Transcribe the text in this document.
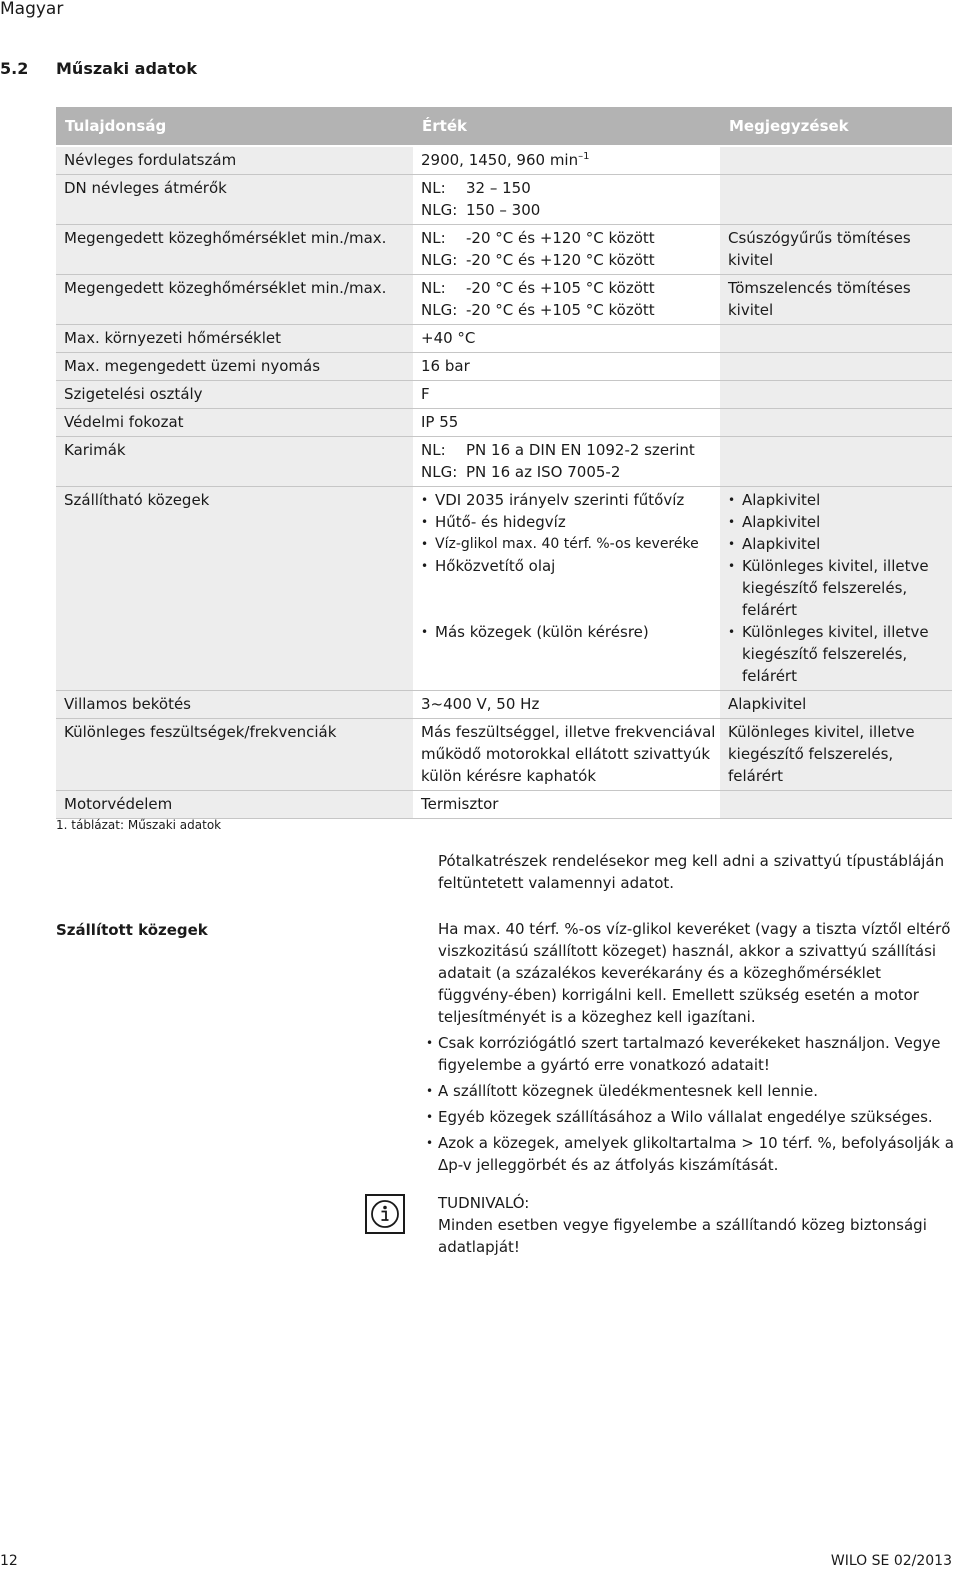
Magyar
5.2 Műszaki adatok
Tulajdonság	Érték	Megjegyzések
Névleges fordulatszám	2900, 1450, 960 $\min^{-1}$
DN névleges átmérők	NL: 32 – 150
NLG: 150 – 300
Megengedett közeghőmérséklet min./max.	NL: -20 °C és +120 °C között
NLG: -20 °C és +120 °C között
Csúszógyűrűs tömítéses kivitel
Megengedett közeghőmérséklet min./max.	NL: -20 °C és +105 °C között
NLG: -20 °C és +105 °C között
Tömszelencés tömítéses kivitel
Max. környezeti hőmérséklet	+40 °C
Max. megengedett üzemi nyomás	16 bar
Szigetelési osztály	F
Védelmi fokozat	IP 55
Karimák	NL: PN 16 a DIN EN 1092-2 szerint
NLG: PN 16 az ISO 7005-2
Szállítható közegek
•	VDI 2035 irányelv szerinti fűtővíz
• Hűtő- és hidegvíz
• Víz-glikol max. 40 térf. %-os keveréke
• Hőközvetítő olaj
• Más közegek (külön kérésre)
• Alapkivitel
• Alapkivitel
• Alapkivitel
• Különleges kivitel, illetve kiegészítő felszerelés, felárért
• Különleges kivitel, illetve kiegészítő felszerelés, felárért
Villamos bekötés	3~400 V, 50 Hz	Alapkivitel
Különleges feszültségek/frekvenciák	Más feszültséggel, illetve frekvenciával működő motorokkal ellátott szivattyúk külön kérésre kaphatók
Különleges kivitel, illetve kiegészítő felszerelés, felárért
Motorvédelem	Termisztor
1. táblázat: Műszaki adatok
Pótalkatrészek rendelésekor meg kell adni a szivattyú típustábláján feltüntetett valamennyi adatot.
Szállított közegek	Ha max. 40 térf. %-os víz-glikol keveréket (vagy a tiszta víztől eltérő viszkozitású szállított közeget) használ, akkor a szivattyú szállítási adatait (a százalékos keverékarány és a közeghőmérséklet függvény-ében) korrigálni kell. Emellett szükség esetén a motor teljesítményét is a közeghez kell igazítani.

• Csak korróziógátló szert tartalmazó keverékeket használjon. Vegye figyelembe a gyártó erre vonatkozó adatait!
• A szállított közegnek üledékmentesnek kell lennie.
• Egyéb közegek szállításához a Wilo vállalat engedélye szükséges.
• Azok a közegek, amelyek glikoltartalma > 10 térf. %, befolyásolják a Δp-v jelleggörbét és az átfolyás kiszámítását.
TUDNIVALÓ:
Minden esetben vegye figyelembe a szállítandó közeg biztonsági adatlapját!
12	WILO SE 02/2013
